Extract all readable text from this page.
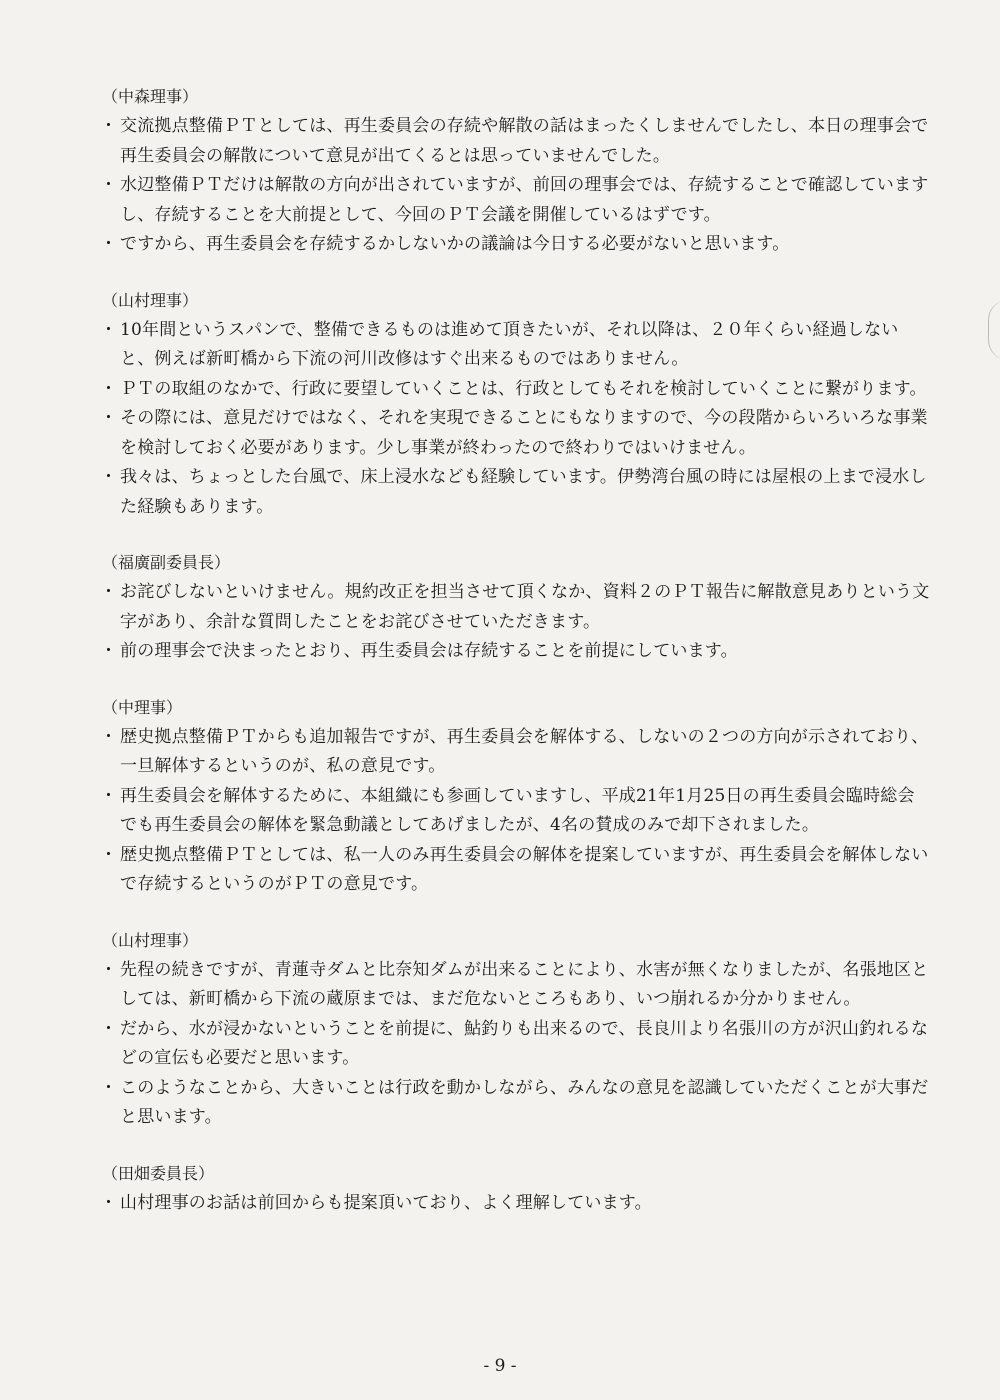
（中森理事）
・ 交流拠点整備ＰＴとしては、再生委員会の存続や解散の話はまったくしませんでしたし、本日の理事会で再生委員会の解散について意見が出てくるとは思っていませんでした。
・ 水辺整備ＰＴだけは解散の方向が出されていますが、前回の理事会では、存続することで確認していますし、存続することを大前提として、今回のＰＴ会議を開催しているはずです。
・ ですから、再生委員会を存続するかしないかの議論は今日する必要がないと思います。
（山村理事）
・ 10年間というスパンで、整備できるものは進めて頂きたいが、それ以降は、２０年くらい経過しないと、例えば新町橋から下流の河川改修はすぐ出来るものではありません。
・ ＰＴの取組のなかで、行政に要望していくことは、行政としてもそれを検討していくことに繋がります。
・ その際には、意見だけではなく、それを実現できることにもなりますので、今の段階からいろいろな事業を検討しておく必要があります。少し事業が終わったので終わりではいけません。
・ 我々は、ちょっとした台風で、床上浸水なども経験しています。伊勢湾台風の時には屋根の上まで浸水した経験もあります。
（福廣副委員長）
・ お詫びしないといけません。規約改正を担当させて頂くなか、資料２のＰＴ報告に解散意見ありという文字があり、余計な質問したことをお詫びさせていただきます。
・ 前の理事会で決まったとおり、再生委員会は存続することを前提にしています。
（中理事）
・ 歴史拠点整備ＰＴからも追加報告ですが、再生委員会を解体する、しないの２つの方向が示されており、一旦解体するというのが、私の意見です。
・ 再生委員会を解体するために、本組織にも参画していますし、平成21年1月25日の再生委員会臨時総会でも再生委員会の解体を緊急動議としてあげましたが、4名の賛成のみで却下されました。
・ 歴史拠点整備ＰＴとしては、私一人のみ再生委員会の解体を提案していますが、再生委員会を解体しないで存続するというのがＰＴの意見です。
（山村理事）
・ 先程の続きですが、青蓮寺ダムと比奈知ダムが出来ることにより、水害が無くなりましたが、名張地区としては、新町橋から下流の蔵原までは、まだ危ないところもあり、いつ崩れるか分かりません。
・ だから、水が浸かないということを前提に、鮎釣りも出来るので、長良川より名張川の方が沢山釣れるなどの宣伝も必要だと思います。
・ このようなことから、大きいことは行政を動かしながら、みんなの意見を認識していただくことが大事だと思います。
（田畑委員長）
・ 山村理事のお話は前回からも提案頂いており、よく理解しています。
- 9 -
